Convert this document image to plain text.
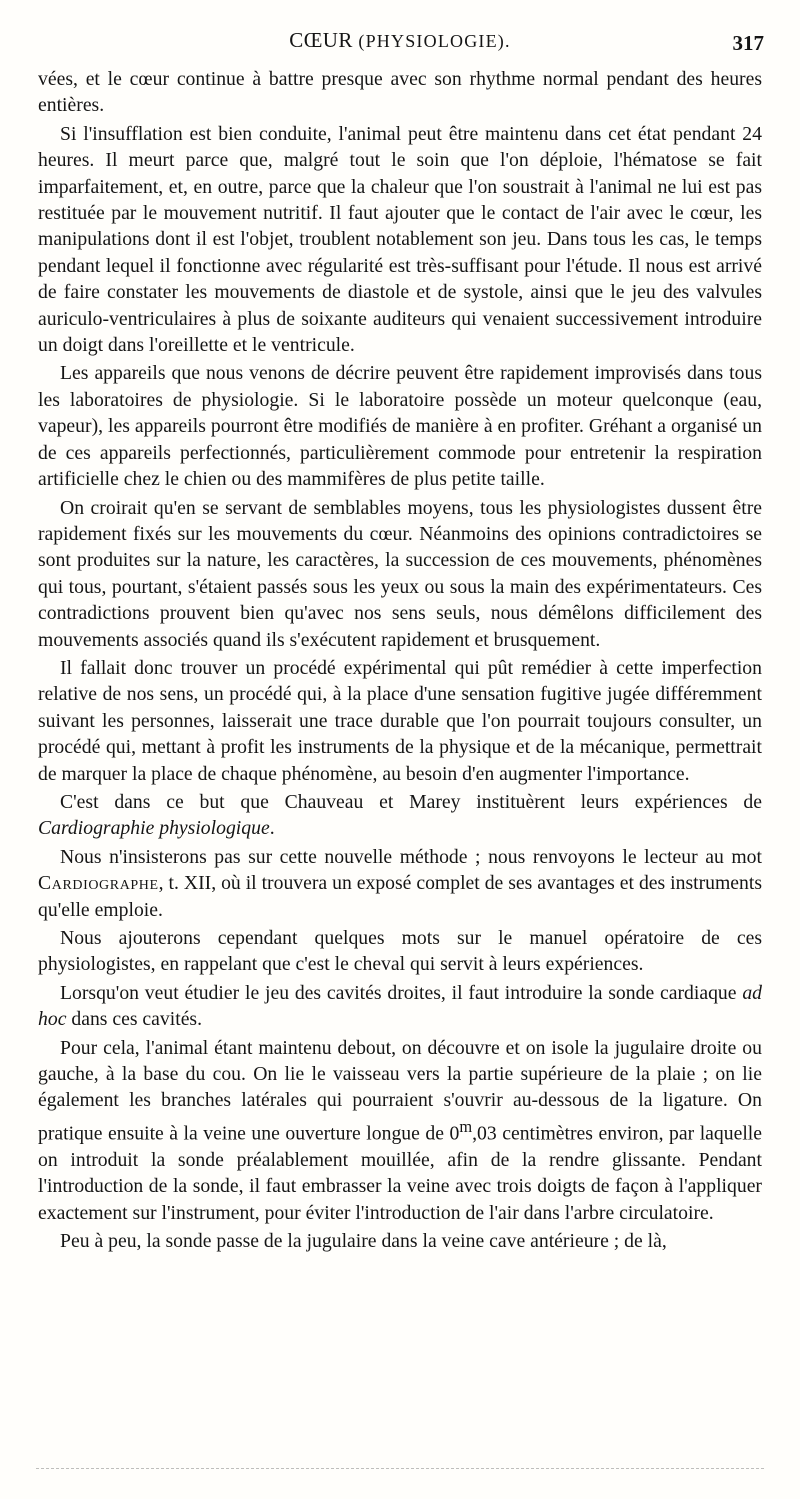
CŒUR (PHYSIOLOGIE).	317

vées, et le cœur continue à battre presque avec son rhythme normal pendant des heures entières.

Si l'insufflation est bien conduite, l'animal peut être maintenu dans cet état pendant 24 heures. Il meurt parce que, malgré tout le soin que l'on déploie, l'hématose se fait imparfaitement, et, en outre, parce que la chaleur que l'on soustrait à l'animal ne lui est pas restituée par le mouvement nutritif. Il faut ajouter que le contact de l'air avec le cœur, les manipulations dont il est l'objet, troublent notablement son jeu. Dans tous les cas, le temps pendant lequel il fonctionne avec régularité est très-suffisant pour l'étude. Il nous est arrivé de faire constater les mouvements de diastole et de systole, ainsi que le jeu des valvules auriculo-ventriculaires à plus de soixante auditeurs qui venaient successivement introduire un doigt dans l'oreillette et le ventricule.

Les appareils que nous venons de décrire peuvent être rapidement improvisés dans tous les laboratoires de physiologie. Si le laboratoire possède un moteur quelconque (eau, vapeur), les appareils pourront être modifiés de manière à en profiter. Gréhant a organisé un de ces appareils perfectionnés, particulièrement commode pour entretenir la respiration artificielle chez le chien ou des mammifères de plus petite taille.

On croirait qu'en se servant de semblables moyens, tous les physiologistes dussent être rapidement fixés sur les mouvements du cœur. Néanmoins des opinions contradictoires se sont produites sur la nature, les caractères, la succession de ces mouvements, phénomènes qui tous, pourtant, s'étaient passés sous les yeux ou sous la main des expérimentateurs. Ces contradictions prouvent bien qu'avec nos sens seuls, nous démêlons difficilement des mouvements associés quand ils s'exécutent rapidement et brusquement.

Il fallait donc trouver un procédé expérimental qui pût remédier à cette imperfection relative de nos sens, un procédé qui, à la place d'une sensation fugitive jugée différemment suivant les personnes, laisserait une trace durable que l'on pourrait toujours consulter, un procédé qui, mettant à profit les instruments de la physique et de la mécanique, permettrait de marquer la place de chaque phénomène, au besoin d'en augmenter l'importance.

C'est dans ce but que Chauveau et Marey instituèrent leurs expériences de Cardiographie physiologique.

Nous n'insisterons pas sur cette nouvelle méthode ; nous renvoyons le lecteur au mot Cardiographe, t. XII, où il trouvera un exposé complet de ses avantages et des instruments qu'elle emploie.

Nous ajouterons cependant quelques mots sur le manuel opératoire de ces physiologistes, en rappelant que c'est le cheval qui servit à leurs expériences.

Lorsqu'on veut étudier le jeu des cavités droites, il faut introduire la sonde cardiaque ad hoc dans ces cavités.

Pour cela, l'animal étant maintenu debout, on découvre et on isole la jugulaire droite ou gauche, à la base du cou. On lie le vaisseau vers la partie supérieure de la plaie ; on lie également les branches latérales qui pourraient s'ouvrir au-dessous de la ligature. On pratique ensuite à la veine une ouverture longue de 0$^m$,03 centimètres environ, par laquelle on introduit la sonde préalablement mouillée, afin de la rendre glissante. Pendant l'introduction de la sonde, il faut embrasser la veine avec trois doigts de façon à l'appliquer exactement sur l'instrument, pour éviter l'introduction de l'air dans l'arbre circulatoire.

Peu à peu, la sonde passe de la jugulaire dans la veine cave antérieure ; de là,
